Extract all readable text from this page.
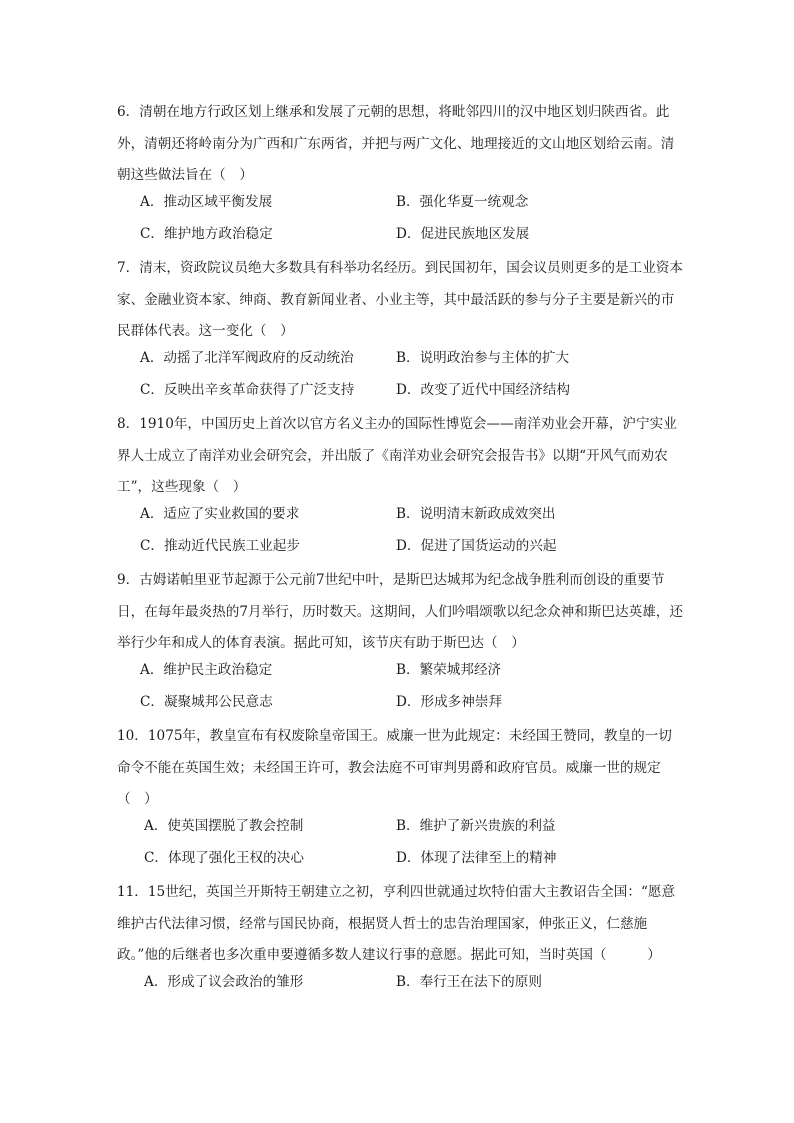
6．清朝在地方行政区划上继承和发展了元朝的思想，将毗邻四川的汉中地区划归陕西省。此外，清朝还将岭南分为广西和广东两省，并把与两广文化、地理接近的文山地区划给云南。清朝这些做法旨在（　）

A．推动区域平衡发展	B．强化华夏一统观念
C．维护地方政治稳定	D．促进民族地区发展

7．清末，资政院议员绝大多数具有科举功名经历。到民国初年，国会议员则更多的是工业资本家、金融业资本家、绅商、教育新闻业者、小业主等，其中最活跃的参与分子主要是新兴的市民群体代表。这一变化（　）

A．动摇了北洋军阀政府的反动统治	B．说明政治参与主体的扩大
C．反映出辛亥革命获得了广泛支持	D．改变了近代中国经济结构

8．1910年，中国历史上首次以官方名义主办的国际性博览会——南洋劝业会开幕，沪宁实业界人士成立了南洋劝业会研究会，并出版了《南洋劝业会研究会报告书》以期“开风气而劝农工”，这些现象（　）

A．适应了实业救国的要求	B．说明清末新政成效突出
C．推动近代民族工业起步	D．促进了国货运动的兴起

9．古姆诺帕里亚节起源于公元前7世纪中叶，是斯巴达城邦为纪念战争胜利而创设的重要节日，在每年最炎热的7月举行，历时数天。这期间，人们吟唱颂歌以纪念众神和斯巴达英雄，还举行少年和成人的体育表演。据此可知，该节庆有助于斯巴达（　）

A．维护民主政治稳定	B．繁荣城邦经济
C．凝聚城邦公民意志	D．形成多神崇拜

10．1075年，教皇宣布有权废除皇帝国王。威廉一世为此规定：未经国王赞同，教皇的一切命令不能在英国生效；未经国王许可，教会法庭不可审判男爵和政府官员。威廉一世的规定（　）

A．使英国摆脱了教会控制	B．维护了新兴贵族的利益
C．体现了强化王权的决心	D．体现了法律至上的精神

11．15世纪，英国兰开斯特王朝建立之初，亨利四世就通过坎特伯雷大主教诏告全国：“愿意维护古代法律习惯，经常与国民协商，根据贤人哲士的忠告治理国家，伸张正义，仁慈施政。”他的后继者也多次重申要遵循多数人建议行事的意愿。据此可知，当时英国（　　　）

A．形成了议会政治的雏形	B．奉行王在法下的原则
